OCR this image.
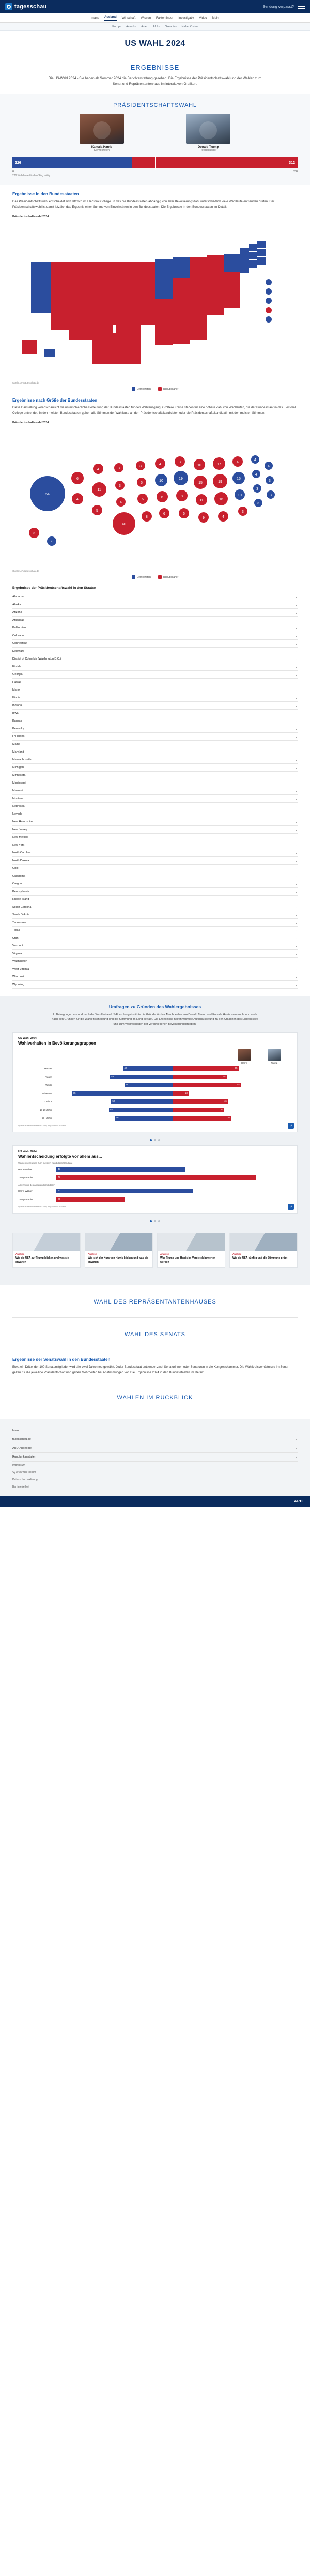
tagesschau	Sendung verpasst?
Inland Ausland Wirtschaft Wissen Faktenfinder Investigativ Video Mehr
Europa Amerika Asien Afrika Ozeanien Naher Osten
US WAHL 2024
ERGEBNISSE
Die US-Wahl 2024 - Sie haben ab Sommer 2024 die Berichterstattung gesehen: Die Ergebnisse der Präsidentschaftswahl und der Wahlen zum Senat und Repräsentantenhaus im interaktiven Grafiken.
PRÄSIDENTSCHAFTSWAHL
Kamala Harris
Demokraten
Donald Trump
Republikaner
226	312
0	538
270 Wahlleute für den Sieg nötig
Ergebnisse in den Bundesstaaten

Das Präsidentschaftswahl entscheidet sich letztlich im Electoral College. In das die Bundesstaaten abhängig von ihrer Bevölkerungszahl unterschiedlich viele Wahlleute entsenden dürfen. Der Präsidentschaftswahl ist damit letztlich das Ergebnis einer Summe von Einzelwahlen in den Bundesstaaten. Die Ergebnisse in den Bundesstaaten im Detail:

Präsidentschaftswahl 2024
Quelle: AP/tagesschau.de
Demokraten	Republikaner
Ergebnisse nach Größe der Bundesstaaten

Diese Darstellung veranschaulicht die unterschiedliche Bedeutung der Bundesstaaten für den Wahlausgang. Größere Kreise stehen für eine höhere Zahl von Wahlleuten, die der Bundesstaat in das Electoral College entsendet. In den meisten Bundesstaaten gehen alle Stimmen der Wahlleute an den Präsidentschaftskandidaten oder die Präsidentschaftskandidatin mit den meisten Stimmen.

Präsidentschaftswahl 2024
54
6
4
4
11
5
3
3
4
40
3
5
6
8
4
10
6
6
3
19
8
6
10
15
11
9
17
19
16
4
4
15
10
3
4
4
3
3
4
3
3
3
4
Quelle: AP/tagesschau.de
Demokraten	Republikaner
Ergebnisse der Präsidentschaftswahl in den Staaten
Alabama	⌄
Alaska	⌄
Arizona	⌄
Arkansas	⌄
Kalifornien	⌄
Colorado	⌄
Connecticut	⌄
Delaware	⌄
District of Columbia (Washington D.C.)	⌄
Florida	⌄
Georgia	⌄
Hawaii	⌄
Idaho	⌄
Illinois	⌄
Indiana	⌄
Iowa	⌄
Kansas	⌄
Kentucky	⌄
Louisiana	⌄
Maine	⌄
Maryland	⌄
Massachusetts	⌄
Michigan	⌄
Minnesota	⌄
Mississippi	⌄
Missouri	⌄
Montana	⌄
Nebraska	⌄
Nevada	⌄
New Hampshire	⌄
New Jersey	⌄
New Mexico	⌄
New York	⌄
North Carolina	⌄
North Dakota	⌄
Ohio	⌄
Oklahoma	⌄
Oregon	⌄
Pennsylvania	⌄
Rhode Island	⌄
South Carolina	⌄
South Dakota	⌄
Tennessee	⌄
Texas	⌄
Utah	⌄
Vermont	⌄
Virginia	⌄
Washington	⌄
West Virginia	⌄
Wisconsin	⌄
Wyoming	⌄
Umfragen zu Gründen des Wahlergebnisses
In Befragungen vor und nach der Wahl haben US-Forschungsinstitute die Gründe für das Abschneiden von Donald Trump und Kamala Harris untersucht und auch nach den Gründen für die Wahlentscheidung und die Stimmung im Land gefragt. Die Ergebnisse helfen wichtige Aufschlüsselung zu den Ursachen des Ergebnisses und zum Wahlverhalten der verschiedenen Bevölkerungsgruppen.
US Wahl 2024
Wahlverhalten in Bevölkerungsgruppen
Harris	Trump
Männer	42	55
Frauen	53	45
Weiße	41	57
Schwarze	85	13
Latinos	52	46
18-29 Jahre	54	43
65+ Jahre	49	49
Quelle: Edison Research / NEP, Angaben in Prozent	↗
US Wahl 2024
Wahlentscheidung erfolgte vor allem aus...
Wahlentscheidung zum meisten Kandidatin/Kandidat
Harris-Wähler	47
Trump-Wähler	73
Ablehnung des anderen Kandidaten
Harris-Wähler	50
Trump-Wähler	25
Quelle: Edison Research / NEP, Angaben in Prozent	↗
Analyse
Wie die USA auf Trump blicken und was sie erwarten
Analyse
Wie sich der Kurs von Harris blicken und was sie erwarten
Analyse
Was Trump und Harris im Vergleich bewerten werden
Analyse
Wie die USA künftig und die Stimmung prägt
WAHL DES REPRÄSENTANTENHAUSES
WAHL DES SENATS
Ergebnisse der Senatswahl in den Bundesstaaten

Etwa ein Drittel der 100 Senatsmitglieder wird alle zwei Jahre neu gewählt. Jeder Bundesstaat entsendet zwei Senatorinnen oder Senatoren in die Kongresskammer. Die Wahlkreisverhältnisse im Senat gelten für die jeweilige Präsidentschaft und geben Mehrheiten bei Abstimmungen vor. Die Ergebnisse 2024 in den Bundesstaaten im Detail:

WAHLEN IM RÜCKBLICK
Inland	⌄
tagesschau.de	⌄
ARD-Angebote	⌄
Rundfunkanstalten	⌄
Impressum
Sy erreichen Sie uns
Datenschutzerklärung
Barrierefreiheit
ARD
